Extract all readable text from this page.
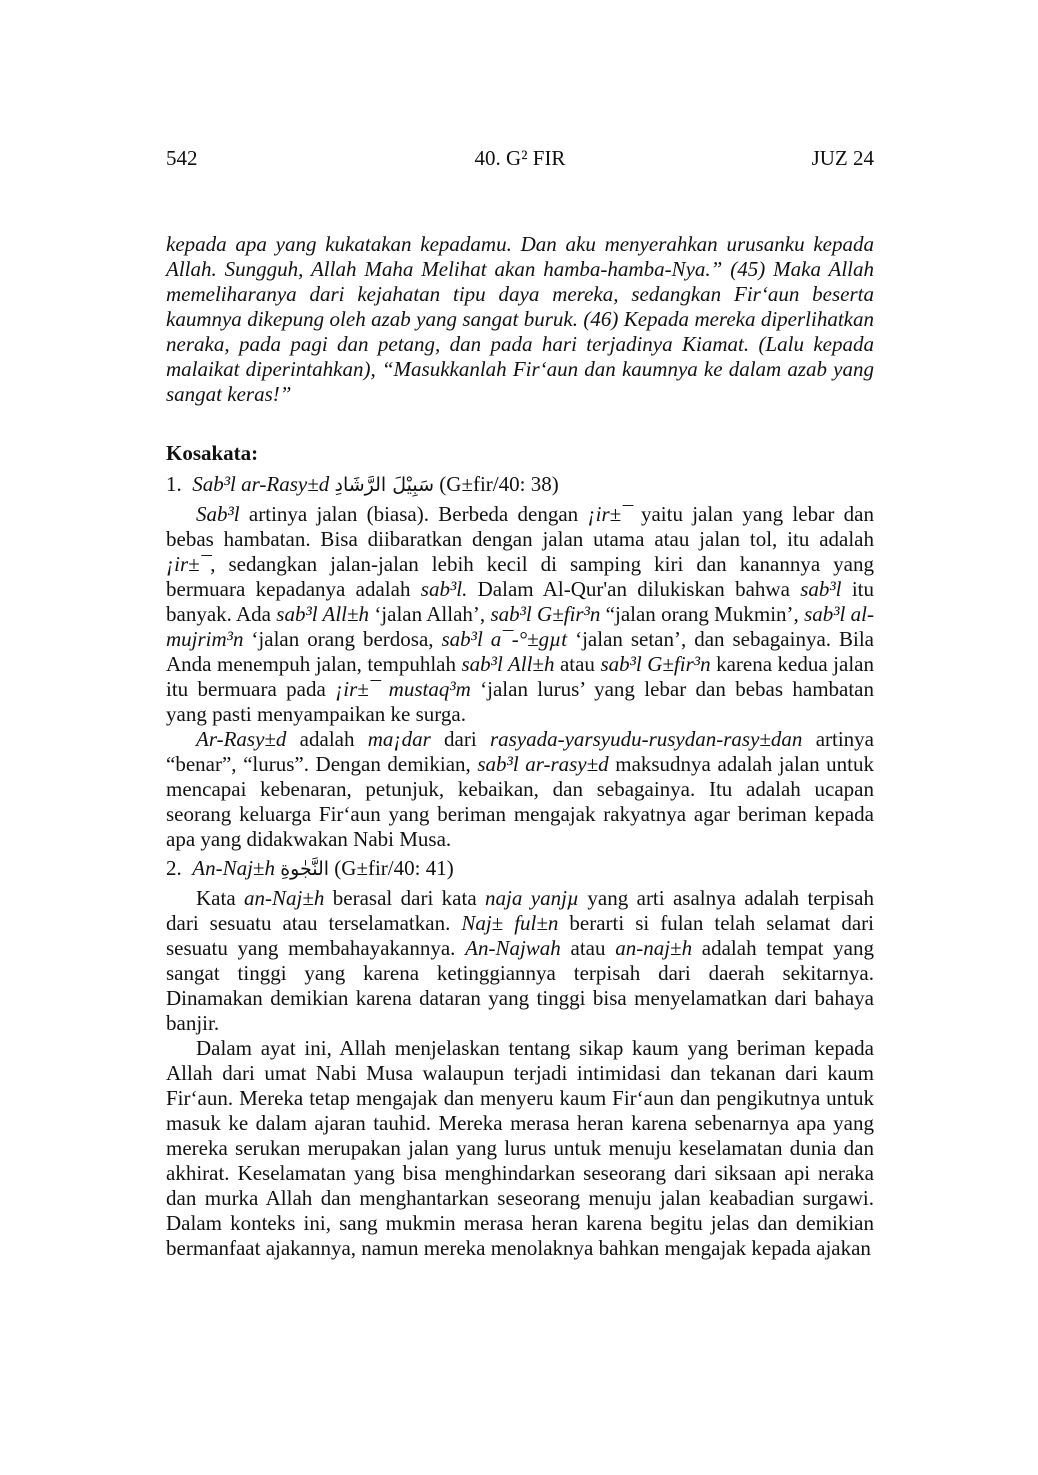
542	40. G² FIR	JUZ 24

kepada apa yang kukatakan kepadamu. Dan aku menyerahkan urusanku kepada Allah. Sungguh, Allah Maha Melihat akan hamba-hamba-Nya.” (45) Maka Allah memeliharanya dari kejahatan tipu daya mereka, sedangkan Fir‘aun beserta kaumnya dikepung oleh azab yang sangat buruk. (46) Kepada mereka diperlihatkan neraka, pada pagi dan petang, dan pada hari terjadinya Kiamat. (Lalu kepada malaikat diperintahkan), “Masukkanlah Fir‘aun dan kaumnya ke dalam azab yang sangat keras!”

Kosakata:
1. Sab³l ar-Rasy±d سَبِيْلَ الرَّشَادِ (G±fir/40: 38)

Sab³l artinya jalan (biasa). Berbeda dengan ¡ir±¯ yaitu jalan yang lebar dan bebas hambatan. Bisa diibaratkan dengan jalan utama atau jalan tol, itu adalah ¡ir±¯, sedangkan jalan-jalan lebih kecil di samping kiri dan kanannya yang bermuara kepadanya adalah sab³l. Dalam Al-Qur'an dilukiskan bahwa sab³l itu banyak. Ada sab³l All±h ‘jalan Allah’, sab³l G±fir³n “jalan orang Mukmin’, sab³l al-mujrim³n ‘jalan orang berdosa, sab³l a¯-°±gµt ‘jalan setan’, dan sebagainya. Bila Anda menempuh jalan, tempuhlah sab³l All±h atau sab³l G±fir³n karena kedua jalan itu bermuara pada ¡ir±¯ mustaq³m ‘jalan lurus’ yang lebar dan bebas hambatan yang pasti menyampaikan ke surga.

Ar-Rasy±d adalah ma¡dar dari rasyada-yarsyudu-rusydan-rasy±dan artinya “benar”, “lurus”. Dengan demikian, sab³l ar-rasy±d maksudnya adalah jalan untuk mencapai kebenaran, petunjuk, kebaikan, dan sebagainya. Itu adalah ucapan seorang keluarga Fir‘aun yang beriman mengajak rakyatnya agar beriman kepada apa yang didakwakan Nabi Musa.

2. An-Naj±h النَّجٰوةِ (G±fir/40: 41)

Kata an-Naj±h berasal dari kata naja yanjµ yang arti asalnya adalah terpisah dari sesuatu atau terselamatkan. Naj± ful±n berarti si fulan telah selamat dari sesuatu yang membahayakannya. An-Najwah atau an-naj±h adalah tempat yang sangat tinggi yang karena ketinggiannya terpisah dari daerah sekitarnya. Dinamakan demikian karena dataran yang tinggi bisa menyelamatkan dari bahaya banjir.

Dalam ayat ini, Allah menjelaskan tentang sikap kaum yang beriman kepada Allah dari umat Nabi Musa walaupun terjadi intimidasi dan tekanan dari kaum Fir‘aun. Mereka tetap mengajak dan menyeru kaum Fir‘aun dan pengikutnya untuk masuk ke dalam ajaran tauhid. Mereka merasa heran karena sebenarnya apa yang mereka serukan merupakan jalan yang lurus untuk menuju keselamatan dunia dan akhirat. Keselamatan yang bisa menghindarkan seseorang dari siksaan api neraka dan murka Allah dan menghantarkan seseorang menuju jalan keabadian surgawi. Dalam konteks ini, sang mukmin merasa heran karena begitu jelas dan demikian bermanfaat ajakannya, namun mereka menolaknya bahkan mengajak kepada ajakan
